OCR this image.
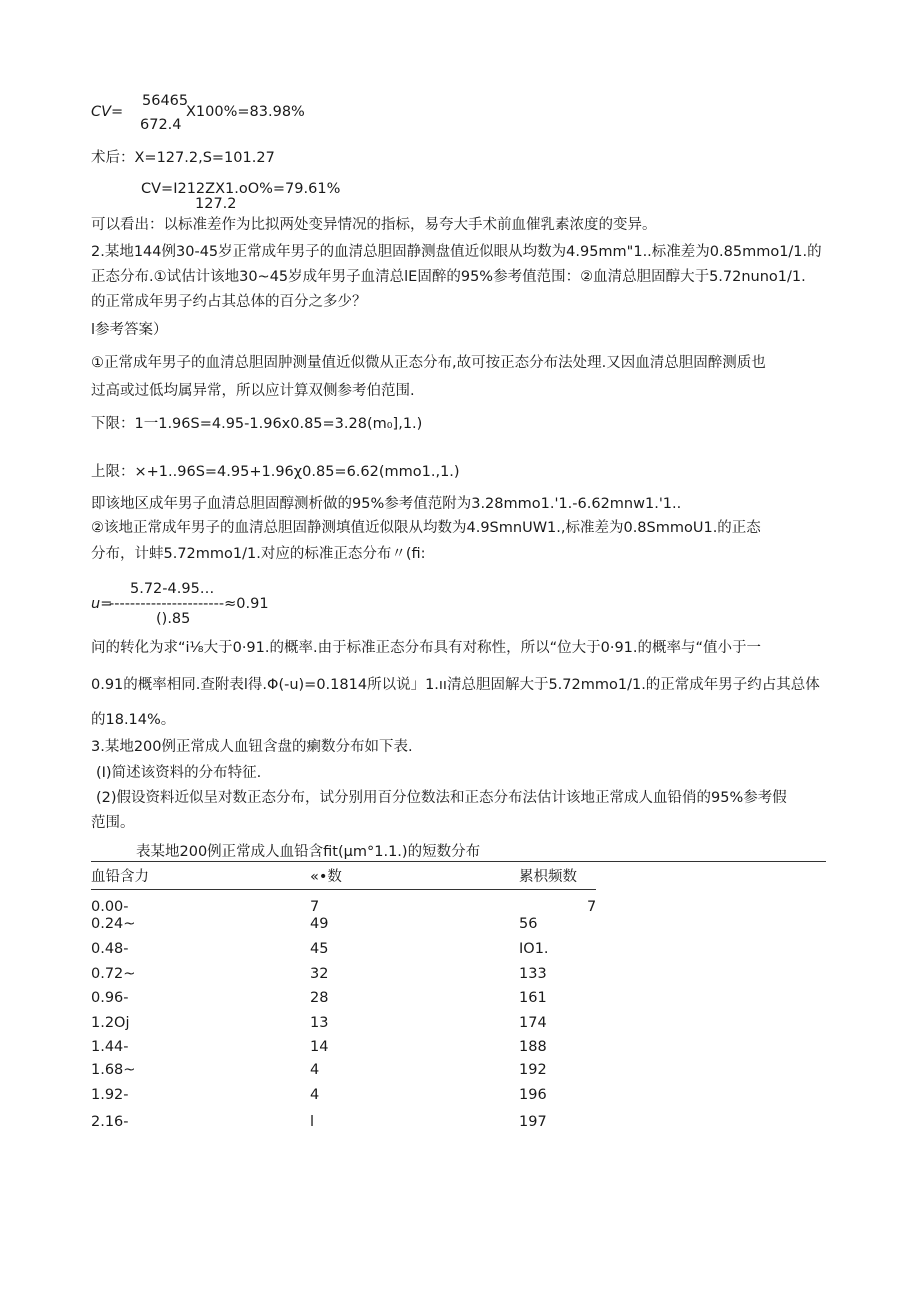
56465
CV=	X100%=83.98%
672.4
术后：X=127.2,S=101.27
CV=I212ZX1.oO%=79.61%
127.2
可以看出：以标准差作为比拟两处变异情况的指标，易夸大手术前血催乳素浓度的变异。
2.某地144例30-45岁正常成年男子的血清总胆固静测盘值近似眼从均数为4.95mm"1..标准差为0.85mmo1∕1.的
正态分布.①试估计该地30~45岁成年男子血清总lE固醉的95%参考值范围：②血清总胆固醇大于5.72nuno1∕1.
的正常成年男子约占其总体的百分之多少？
l参考答案）
①正常成年男子的血清总胆固肿测量值近似微从正态分布,故可按正态分布法处理.又因血清总胆固醉测质也
过高或过低均属异常，所以应计算双侧参考伯范围.
下限：1一1.96S=4.95-1.96x0.85=3.28(m₀],1.)
上限：×+1..96S=4.95+1.96χ0.85=6.62(mmo1.,1.)
即该地区成年男子血清总胆固醇测析做的95%参考值范附为3.28mmo1.'1.-6.62mnw1.'1..
②该地正常成年男子的血清总胆固静测填值近似限从均数为4.9SmnUW1.,标准差为0.8SmmoU1.的正态
分布，计蚌5.72mmo1∕1.对应的标准正态分布〃(fi:
5.72-4.95…
u=
----------------------≈0.91
().85
问的转化为求“i⅛大于0·91.的概率.由于标准正态分布具有对称性，所以“位大于0·91.的概率与“值小于一
0.91的概率相同.查附表l得.Φ(-u)=0.1814所以说」1.ıı清总胆固解大于5.72mmo1∕1.的正常成年男子约占其总体
的18.14%。
3.某地200例正常成人血钮含盘的瘌数分布如下表.
(I)简述该资料的分布特征.
(2)假设资料近似呈对数正态分布，试分别用百分位数法和正态分布法估计该地正常成人血铅俏的95%参考假
范围。
表某地200例正常成人血铅含fit(μm°1.1.)的短数分布
血铅含力	«•数	累枳频数
0.00-	7	7
0.24~	49	56
0.48-	45	IO1.
0.72~	32	133
0.96-	28	161
1.2Oj	13	174
1.44-	14	188
1.68~	4	192
1.92-	4	196
2.16-	l	197
